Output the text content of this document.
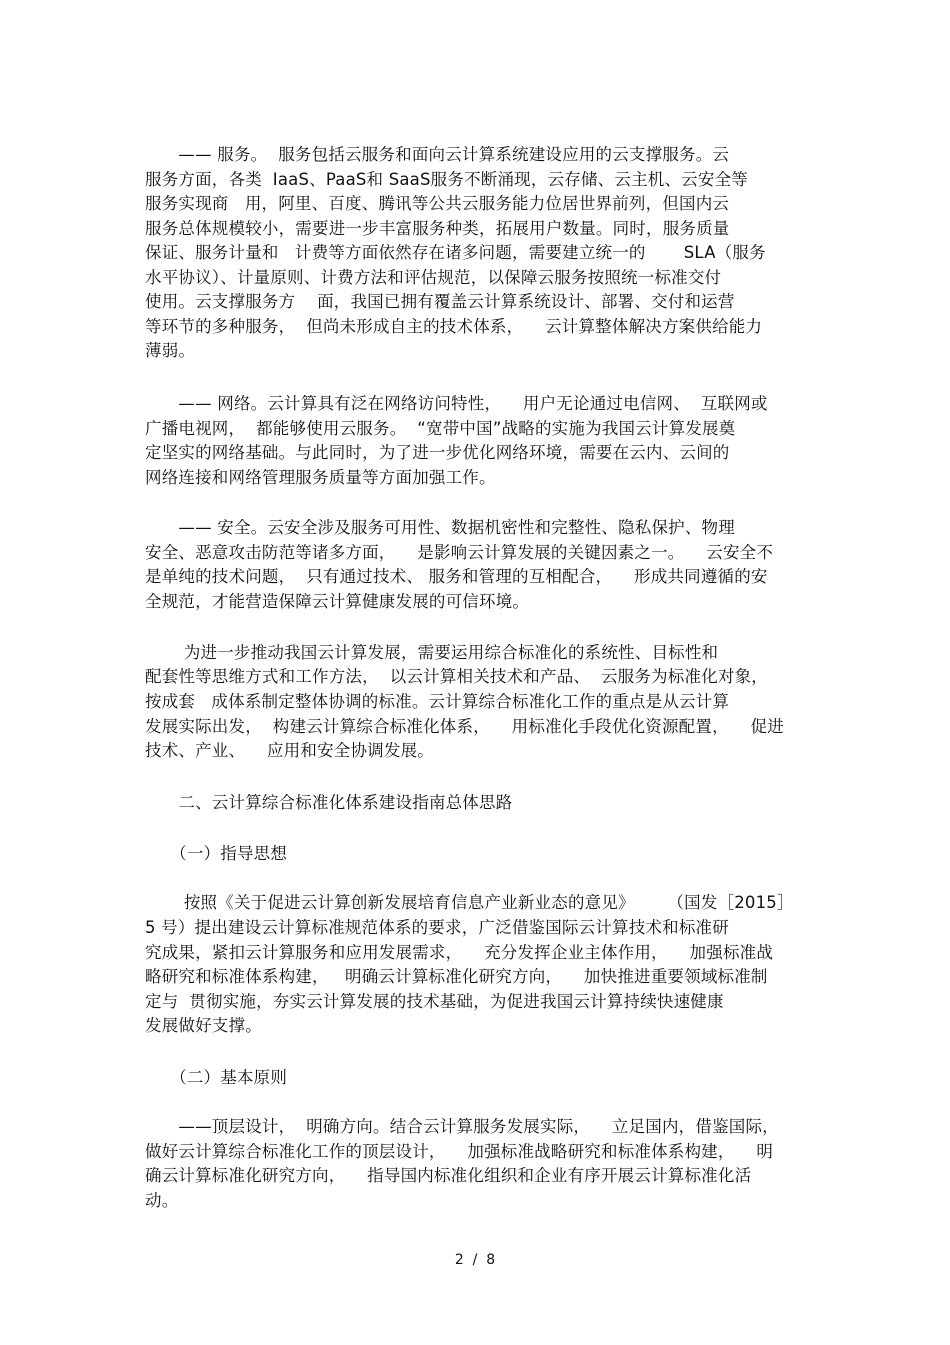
　　—— 服务。  服务包括云服务和面向云计算系统建设应用的云支撑服务。云
服务方面，各类  IaaS、PaaS和 SaaS服务不断涌现，云存储、云主机、云安全等
服务实现商   用，阿里、百度、腾讯等公共云服务能力位居世界前列，但国内云
服务总体规模较小，需要进一步丰富服务种类，拓展用户数量。同时，服务质量
保证、服务计量和   计费等方面依然存在诸多问题，需要建立统一的       SLA（服务
水平协议）、计量原则、计费方法和评估规范，以保障云服务按照统一标准交付
使用。云支撑服务方    面，我国已拥有覆盖云计算系统设计、部署、交付和运营
等环节的多种服务，  但尚未形成自主的技术体系，    云计算整体解决方案供给能力
薄弱。
　　—— 网络。云计算具有泛在网络访问特性，    用户无论通过电信网、  互联网或
广播电视网，  都能够使用云服务。  “宽带中国”战略的实施为我国云计算发展奠
定坚实的网络基础。与此同时，为了进一步优化网络环境，需要在云内、云间的
网络连接和网络管理服务质量等方面加强工作。
　　—— 安全。云安全涉及服务可用性、数据机密性和完整性、隐私保护、物理
安全、恶意攻击防范等诸多方面，    是影响云计算发展的关键因素之一。    云安全不
是单纯的技术问题，  只有通过技术、 服务和管理的互相配合，    形成共同遵循的安
全规范，才能营造保障云计算健康发展的可信环境。
　　 为进一步推动我国云计算发展，需要运用综合标准化的系统性、目标性和
配套性等思维方式和工作方法，  以云计算相关技术和产品、  云服务为标准化对象，
按成套   成体系制定整体协调的标准。云计算综合标准化工作的重点是从云计算
发展实际出发，  构建云计算综合标准化体系，    用标准化手段优化资源配置，    促进
技术、产业、    应用和安全协调发展。
　　二、云计算综合标准化体系建设指南总体思路
　　（一）指导思想
　　 按照《关于促进云计算创新发展培育信息产业新业态的意见》      （国发［2015］
5 号）提出建设云计算标准规范体系的要求，广泛借鉴国际云计算技术和标准研
究成果，紧扣云计算服务和应用发展需求，    充分发挥企业主体作用，    加强标准战
略研究和标准体系构建，   明确云计算标准化研究方向，    加快推进重要领域标准制
定与  贯彻实施，夯实云计算发展的技术基础，为促进我国云计算持续快速健康
发展做好支撑。
　　（二）基本原则
　　——顶层设计，  明确方向。结合云计算服务发展实际，    立足国内，借鉴国际，
做好云计算综合标准化工作的顶层设计，    加强标准战略研究和标准体系构建，    明
确云计算标准化研究方向，    指导国内标准化组织和企业有序开展云计算标准化活
动。
2  /  8
